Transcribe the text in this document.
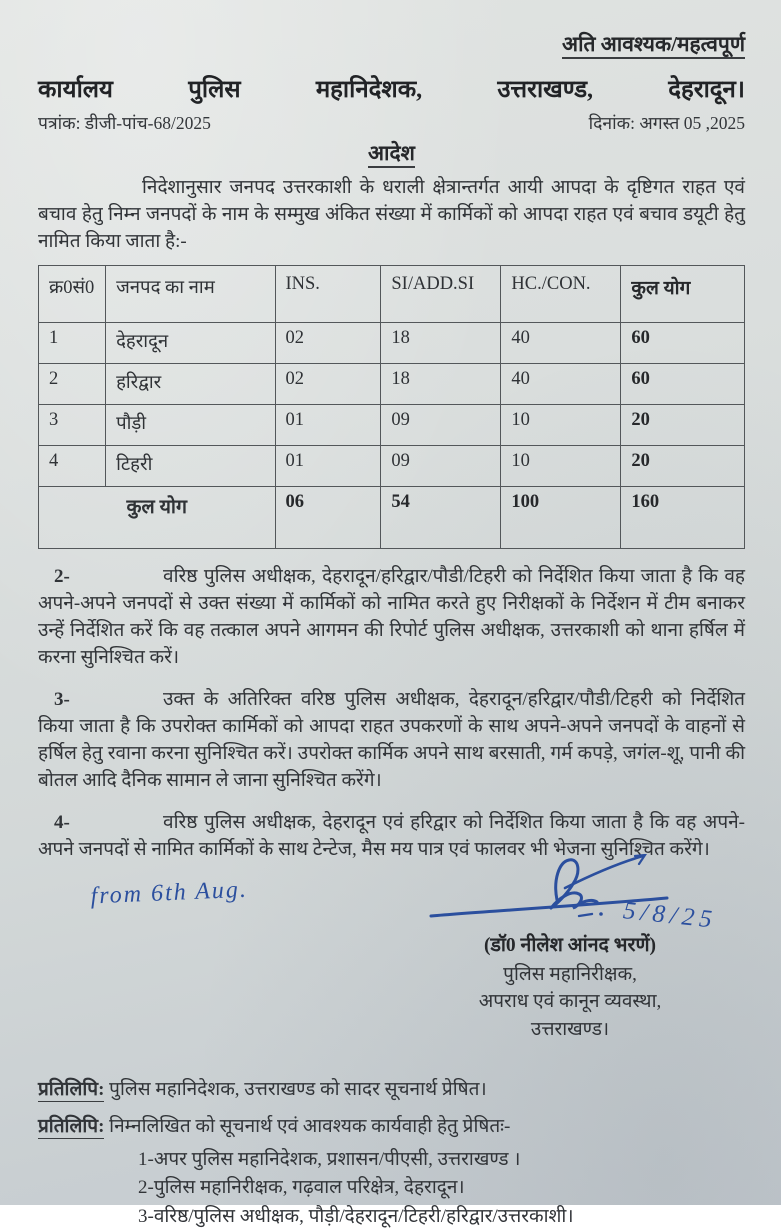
अति आवश्यक/महत्वपूर्ण
कार्यालय	पुलिस	महानिदेशक,	उत्तराखण्ड,	देहरादून।
पत्रांक: डीजी-पांच-68/2025	दिनांक: अगस्त 05 ,2025
आदेश
निदेशानुसार जनपद उत्तरकाशी के धराली क्षेत्रान्तर्गत आयी आपदा के दृष्टिगत राहत एवं बचाव हेतु निम्न जनपदों के नाम के सम्मुख अंकित संख्या में कार्मिकों को आपदा राहत एवं बचाव डयूटी हेतु नामित किया जाता है:-
क्र0सं0	जनपद का नाम	INS.	SI/ADD.SI	HC./CON.	कुल योग
1	देहरादून	02	18	40	60
2	हरिद्वार	02	18	40	60
3	पौड़ी	01	09	10	20
4	टिहरी	01	09	10	20
कुल योग		06	54	100	160
2-	वरिष्ठ पुलिस अधीक्षक, देहरादून/हरिद्वार/पौडी/टिहरी को निर्देशित किया जाता है कि वह अपने-अपने जनपदों से उक्त संख्या में कार्मिकों को नामित करते हुए निरीक्षकों के निर्देशन में टीम बनाकर उन्हें निर्देशित करें कि वह तत्काल अपने आगमन की रिपोर्ट पुलिस अधीक्षक, उत्तरकाशी को थाना हर्षिल में करना सुनिश्चित करें।
3-	उक्त के अतिरिक्त वरिष्ठ पुलिस अधीक्षक, देहरादून/हरिद्वार/पौडी/टिहरी को निर्देशित किया जाता है कि उपरोक्त कार्मिकों को आपदा राहत उपकरणों के साथ अपने-अपने जनपदों के वाहनों से हर्षिल हेतु रवाना करना सुनिश्चित करें। उपरोक्त कार्मिक अपने साथ बरसाती, गर्म कपड़े, जगंल-शू, पानी की बोतल आदि दैनिक सामान ले जाना सुनिश्चित करेंगे।
4-	वरिष्ठ पुलिस अधीक्षक, देहरादून एवं हरिद्वार को निर्देशित किया जाता है कि वह अपने-अपने जनपदों से नामित कार्मिकों के साथ टेन्टेज, मैस मय पात्र एवं फालवर भी भेजना सुनिश्चित करेंगे।
from 6th Aug.
5/8/25
(डॉ0 नीलेश आंनद भरणें)
पुलिस महानिरीक्षक,
अपराध एवं कानून व्यवस्था,
उत्तराखण्ड।
प्रतिलिपि: पुलिस महानिदेशक, उत्तराखण्ड को सादर सूचनार्थ प्रेषित।
प्रतिलिपि: निम्नलिखित को सूचनार्थ एवं आवश्यक कार्यवाही हेतु प्रेषितः-
1-अपर पुलिस महानिदेशक, प्रशासन/पीएसी, उत्तराखण्ड ।
2-पुलिस महानिरीक्षक, गढ़वाल परिक्षेत्र, देहरादून।
3-वरिष्ठ/पुलिस अधीक्षक, पौड़ी/देहरादून/टिहरी/हरिद्वार/उत्तरकाशी।
